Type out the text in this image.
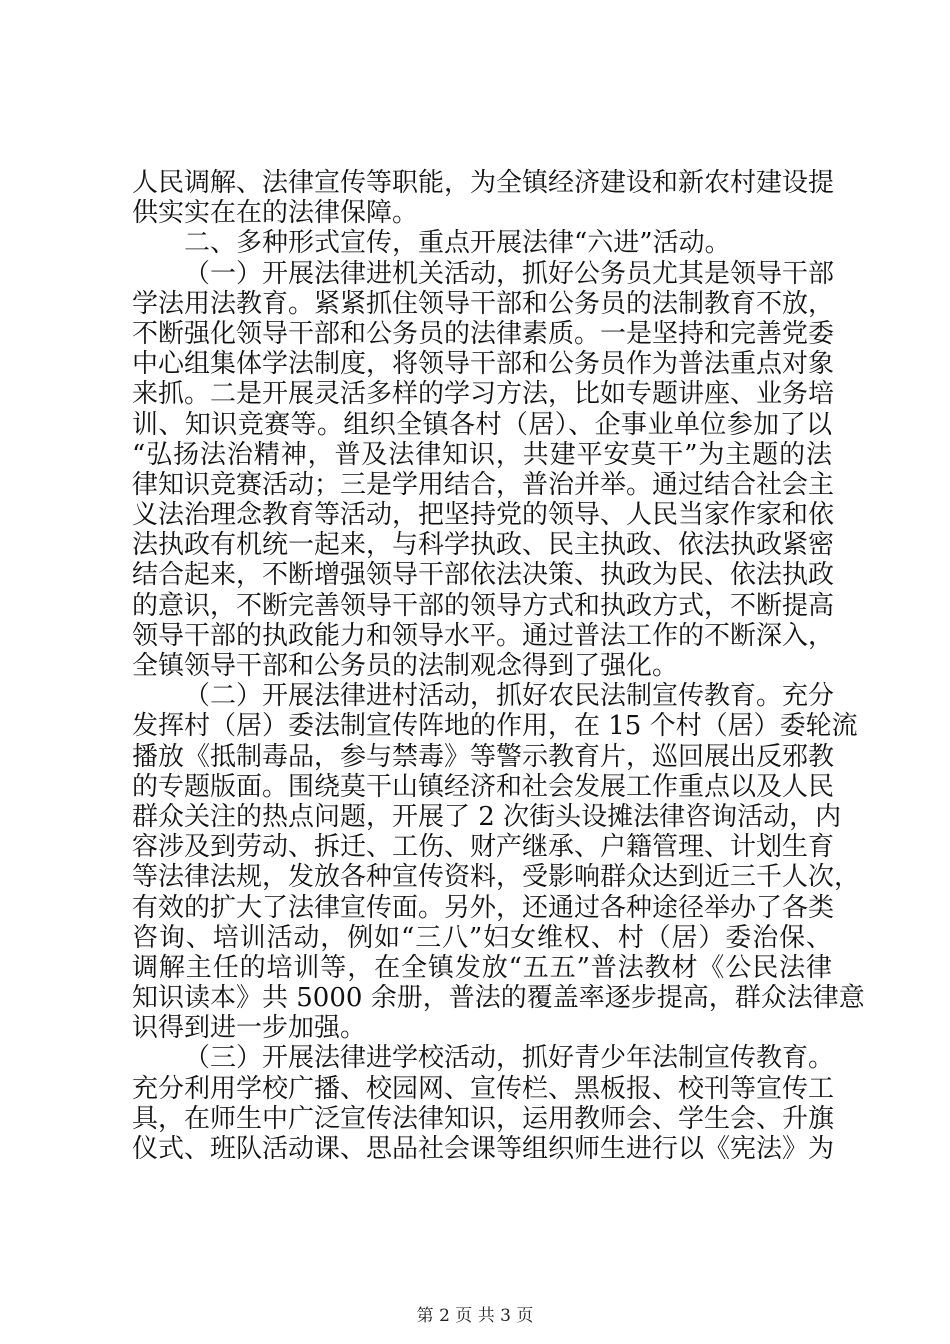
人民调解、法律宣传等职能，为全镇经济建设和新农村建设提
供实实在在的法律保障。
二、多种形式宣传，重点开展法律“六进”活动。
（一）开展法律进机关活动，抓好公务员尤其是领导干部
学法用法教育。紧紧抓住领导干部和公务员的法制教育不放，
不断强化领导干部和公务员的法律素质。一是坚持和完善党委
中心组集体学法制度，将领导干部和公务员作为普法重点对象
来抓。二是开展灵活多样的学习方法，比如专题讲座、业务培
训、知识竞赛等。组织全镇各村（居）、企事业单位参加了以
“弘扬法治精神，普及法律知识，共建平安莫干”为主题的法
律知识竞赛活动；三是学用结合，普治并举。通过结合社会主
义法治理念教育等活动，把坚持党的领导、人民当家作家和依
法执政有机统一起来，与科学执政、民主执政、依法执政紧密
结合起来，不断增强领导干部依法决策、执政为民、依法执政
的意识，不断完善领导干部的领导方式和执政方式，不断提高
领导干部的执政能力和领导水平。通过普法工作的不断深入，
全镇领导干部和公务员的法制观念得到了强化。
（二）开展法律进村活动，抓好农民法制宣传教育。充分
发挥村（居）委法制宣传阵地的作用，在 15 个村（居）委轮流
播放《抵制毒品，参与禁毒》等警示教育片，巡回展出反邪教
的专题版面。围绕莫干山镇经济和社会发展工作重点以及人民
群众关注的热点问题，开展了 2 次街头设摊法律咨询活动，内
容涉及到劳动、拆迁、工伤、财产继承、户籍管理、计划生育
等法律法规，发放各种宣传资料，受影响群众达到近三千人次，
有效的扩大了法律宣传面。另外，还通过各种途径举办了各类
咨询、培训活动，例如“三八”妇女维权、村（居）委治保、
调解主任的培训等，在全镇发放“五五”普法教材《公民法律
知识读本》共 5000 余册，普法的覆盖率逐步提高，群众法律意
识得到进一步加强。
（三）开展法律进学校活动，抓好青少年法制宣传教育。
充分利用学校广播、校园网、宣传栏、黑板报、校刊等宣传工
具，在师生中广泛宣传法律知识，运用教师会、学生会、升旗
仪式、班队活动课、思品社会课等组织师生进行以《宪法》为
第 2 页 共 3 页
